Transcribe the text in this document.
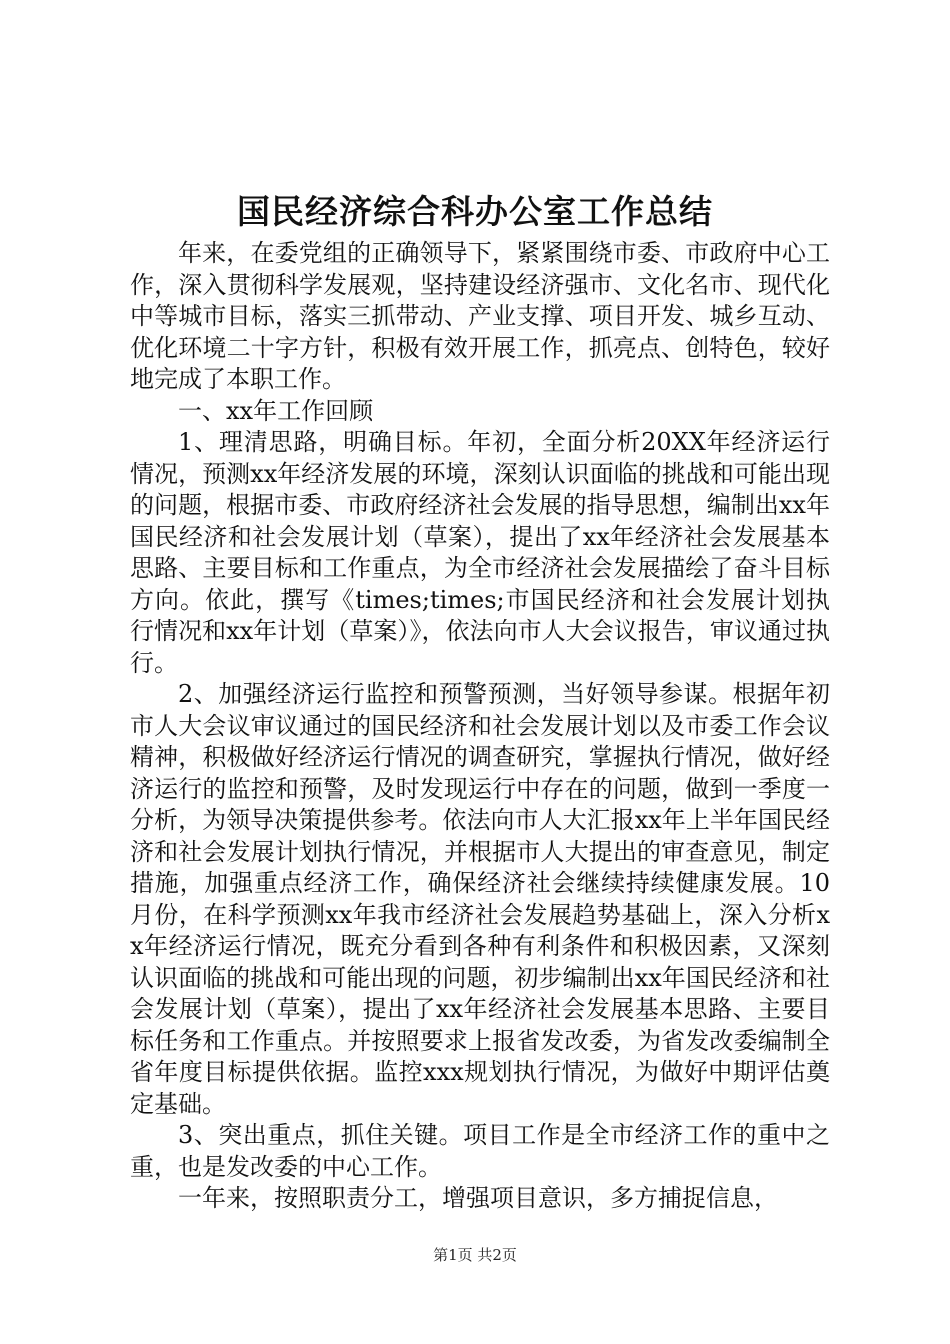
国民经济综合科办公室工作总结

年来，在委党组的正确领导下，紧紧围绕市委、市政府中心工作，深入贯彻科学发展观，坚持建设经济强市、文化名市、现代化中等城市目标，落实三抓带动、产业支撑、项目开发、城乡互动、优化环境二十字方针，积极有效开展工作，抓亮点、创特色，较好地完成了本职工作。

一、xx年工作回顾

1、理清思路，明确目标。年初，全面分析20XX年经济运行情况，预测xx年经济发展的环境，深刻认识面临的挑战和可能出现的问题，根据市委、市政府经济社会发展的指导思想，编制出xx年国民经济和社会发展计划（草案），提出了xx年经济社会发展基本思路、主要目标和工作重点，为全市经济社会发展描绘了奋斗目标方向。依此，撰写《times;times;市国民经济和社会发展计划执行情况和xx年计划（草案）》，依法向市人大会议报告，审议通过执行。

2、加强经济运行监控和预警预测，当好领导参谋。根据年初市人大会议审议通过的国民经济和社会发展计划以及市委工作会议精神，积极做好经济运行情况的调查研究，掌握执行情况，做好经济运行的监控和预警，及时发现运行中存在的问题，做到一季度一分析，为领导决策提供参考。依法向市人大汇报xx年上半年国民经济和社会发展计划执行情况，并根据市人大提出的审查意见，制定措施，加强重点经济工作，确保经济社会继续持续健康发展。10月份，在科学预测xx年我市经济社会发展趋势基础上，深入分析xx年经济运行情况，既充分看到各种有利条件和积极因素，又深刻认识面临的挑战和可能出现的问题，初步编制出xx年国民经济和社会发展计划（草案），提出了xx年经济社会发展基本思路、主要目标任务和工作重点。并按照要求上报省发改委，为省发改委编制全省年度目标提供依据。监控xxx规划执行情况，为做好中期评估奠定基础。

3、突出重点，抓住关键。项目工作是全市经济工作的重中之重，也是发改委的中心工作。

一年来，按照职责分工，增强项目意识，多方捕捉信息，

第1页 共2页
